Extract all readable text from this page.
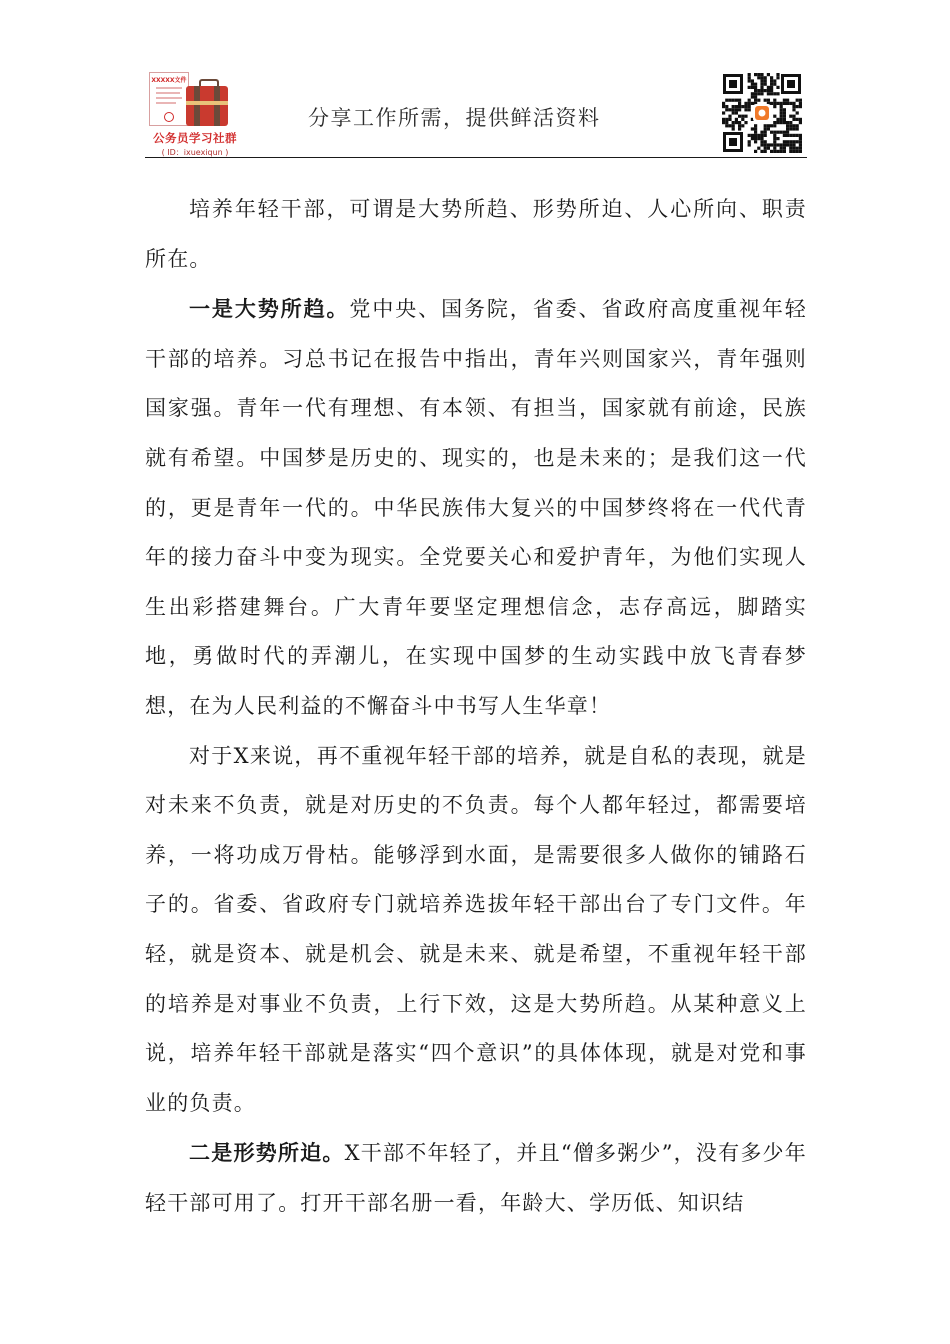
XXXXX文件
公务员学习社群
( ID：ixuexiqun )
分享工作所需，提供鲜活资料

培养年轻干部，可谓是大势所趋、形势所迫、人心所向、职责所在。

一是大势所趋。党中央、国务院，省委、省政府高度重视年轻干部的培养。习总书记在报告中指出，青年兴则国家兴，青年强则国家强。青年一代有理想、有本领、有担当，国家就有前途，民族就有希望。中国梦是历史的、现实的，也是未来的；是我们这一代的，更是青年一代的。中华民族伟大复兴的中国梦终将在一代代青年的接力奋斗中变为现实。全党要关心和爱护青年，为他们实现人生出彩搭建舞台。广大青年要坚定理想信念，志存高远，脚踏实地，勇做时代的弄潮儿，在实现中国梦的生动实践中放飞青春梦想，在为人民利益的不懈奋斗中书写人生华章！

对于X来说，再不重视年轻干部的培养，就是自私的表现，就是对未来不负责，就是对历史的不负责。每个人都年轻过，都需要培养，一将功成万骨枯。能够浮到水面，是需要很多人做你的铺路石子的。省委、省政府专门就培养选拔年轻干部出台了专门文件。年轻，就是资本、就是机会、就是未来、就是希望，不重视年轻干部的培养是对事业不负责，上行下效，这是大势所趋。从某种意义上说，培养年轻干部就是落实“四个意识”的具体体现，就是对党和事业的负责。

二是形势所迫。X干部不年轻了，并且“僧多粥少”，没有多少年轻干部可用了。打开干部名册一看，年龄大、学历低、知识结
